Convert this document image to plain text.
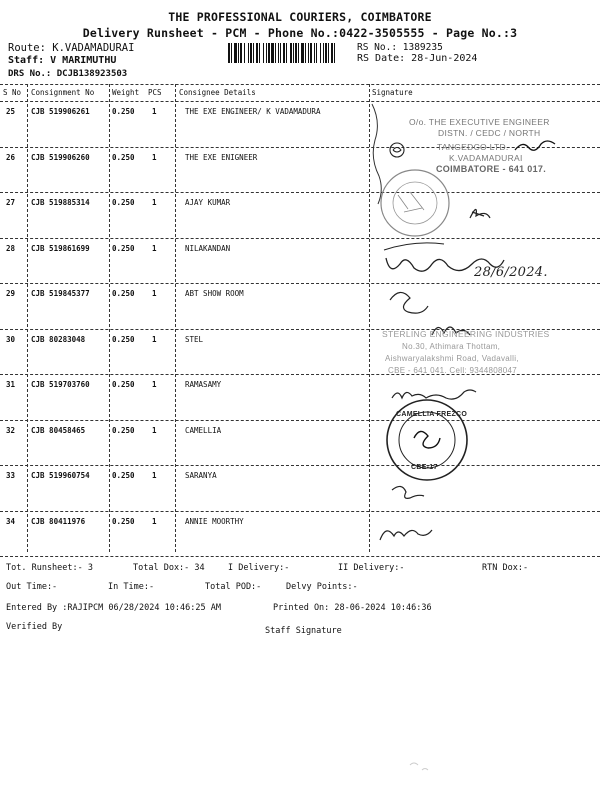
THE PROFESSIONAL COURIERS, COIMBATORE
Delivery Runsheet - PCM - Phone No.:0422-3505555 - Page No.:3
Route: K.VADAMADURAI
Staff: V MARIMUTHU
DRS No.: DCJB138923503
RS No.: 1389235
RS Date: 28-Jun-2024
S No Consignment No Weight PCS Consignee Details	Signature
25 CJB 519906261	0.250 1	THE EXE ENGINEER/ K VADAMADURA
26 CJB 519906260	0.250 1	THE EXE ENIGNEER
27 CJB 519885314	0.250 1	AJAY KUMAR
28 CJB 519861699	0.250 1	NILAKANDAN
29 CJB 519845377	0.250 1	ABT SHOW ROOM
30 CJB 80283048	0.250 1	STEL
31 CJB 519703760	0.250 1	RAMASAMY
32 CJB 80458465	0.250 1	CAMELLIA
33 CJB 519960754	0.250 1	SARANYA
34 CJB 80411976	0.250 1	ANNIE MOORTHY
Tot. Runsheet:- 3	Total Dox:- 34	I Delivery:-	II Delivery:-	RTN Dox:-
Out Time:-	In Time:-	Total POD:-	Delvy Points:-
Entered By :RAJIPCM 06/28/2024 10:46:25 AM	Printed On: 28-06-2024 10:46:36
Verified By	Staff Signature
O/o. THE EXECUTIVE ENGINEER
DISTN. / CEDC / NORTH
TANGEDCO LTD.
K.VADAMADURAI
COIMBATORE - 641 017.
28/6/2024.
STERLING ENGINEERING INDUSTRIES
No.30, Athimara Thottam,
Aishwaryalakshmi Road, Vadavalli,
CBE - 641 041. Cell: 9344808047
CAMELLIA FREZCO
CBE-17
